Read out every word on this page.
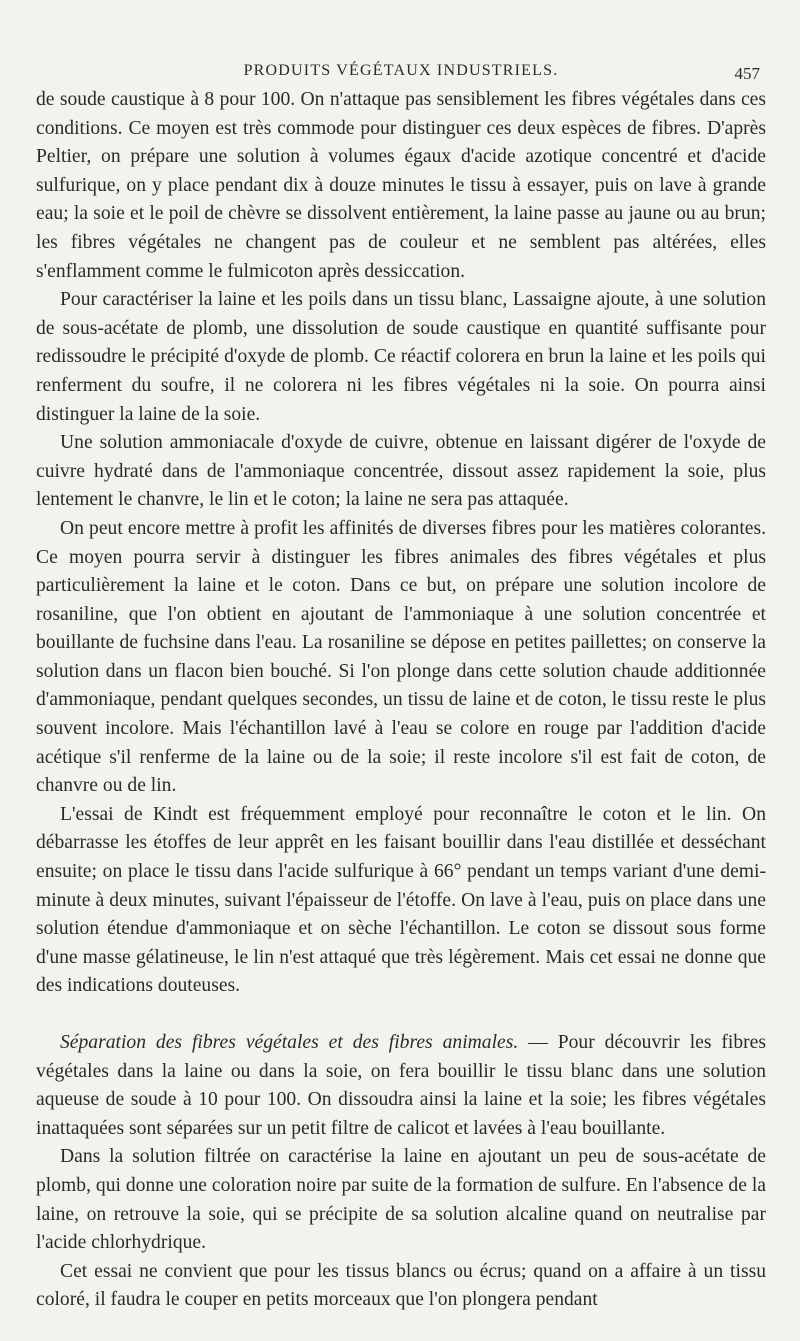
PRODUITS VÉGÉTAUX INDUSTRIELS.	457

de soude caustique à 8 pour 100. On n'attaque pas sensiblement les fibres végétales dans ces conditions. Ce moyen est très commode pour distinguer ces deux espèces de fibres. D'après Peltier, on prépare une solution à volumes égaux d'acide azotique concentré et d'acide sulfurique, on y place pendant dix à douze minutes le tissu à essayer, puis on lave à grande eau; la soie et le poil de chèvre se dissolvent entièrement, la laine passe au jaune ou au brun; les fibres végétales ne changent pas de couleur et ne semblent pas altérées, elles s'enflamment comme le fulmicoton après dessiccation.

Pour caractériser la laine et les poils dans un tissu blanc, Lassaigne ajoute, à une solution de sous-acétate de plomb, une dissolution de soude caustique en quantité suffisante pour redissoudre le précipité d'oxyde de plomb. Ce réactif colorera en brun la laine et les poils qui renferment du soufre, il ne colorera ni les fibres végétales ni la soie. On pourra ainsi distinguer la laine de la soie.

Une solution ammoniacale d'oxyde de cuivre, obtenue en laissant digérer de l'oxyde de cuivre hydraté dans de l'ammoniaque concentrée, dissout assez rapidement la soie, plus lentement le chanvre, le lin et le coton; la laine ne sera pas attaquée.

On peut encore mettre à profit les affinités de diverses fibres pour les matières colorantes. Ce moyen pourra servir à distinguer les fibres animales des fibres végétales et plus particulièrement la laine et le coton. Dans ce but, on prépare une solution incolore de rosaniline, que l'on obtient en ajoutant de l'ammoniaque à une solution concentrée et bouillante de fuchsine dans l'eau. La rosaniline se dépose en petites paillettes; on conserve la solution dans un flacon bien bouché. Si l'on plonge dans cette solution chaude additionnée d'ammoniaque, pendant quelques secondes, un tissu de laine et de coton, le tissu reste le plus souvent incolore. Mais l'échantillon lavé à l'eau se colore en rouge par l'addition d'acide acétique s'il renferme de la laine ou de la soie; il reste incolore s'il est fait de coton, de chanvre ou de lin.

L'essai de Kindt est fréquemment employé pour reconnaître le coton et le lin. On débarrasse les étoffes de leur apprêt en les faisant bouillir dans l'eau distillée et desséchant ensuite; on place le tissu dans l'acide sulfurique à 66° pendant un temps variant d'une demi-minute à deux minutes, suivant l'épaisseur de l'étoffe. On lave à l'eau, puis on place dans une solution étendue d'ammoniaque et on sèche l'échantillon. Le coton se dissout sous forme d'une masse gélatineuse, le lin n'est attaqué que très légèrement. Mais cet essai ne donne que des indications douteuses.

Séparation des fibres végétales et des fibres animales. — Pour découvrir les fibres végétales dans la laine ou dans la soie, on fera bouillir le tissu blanc dans une solution aqueuse de soude à 10 pour 100. On dissoudra ainsi la laine et la soie; les fibres végétales inattaquées sont séparées sur un petit filtre de calicot et lavées à l'eau bouillante.

Dans la solution filtrée on caractérise la laine en ajoutant un peu de sous-acétate de plomb, qui donne une coloration noire par suite de la formation de sulfure. En l'absence de la laine, on retrouve la soie, qui se précipite de sa solution alcaline quand on neutralise par l'acide chlorhydrique.

Cet essai ne convient que pour les tissus blancs ou écrus; quand on a affaire à un tissu coloré, il faudra le couper en petits morceaux que l'on plongera pendant
